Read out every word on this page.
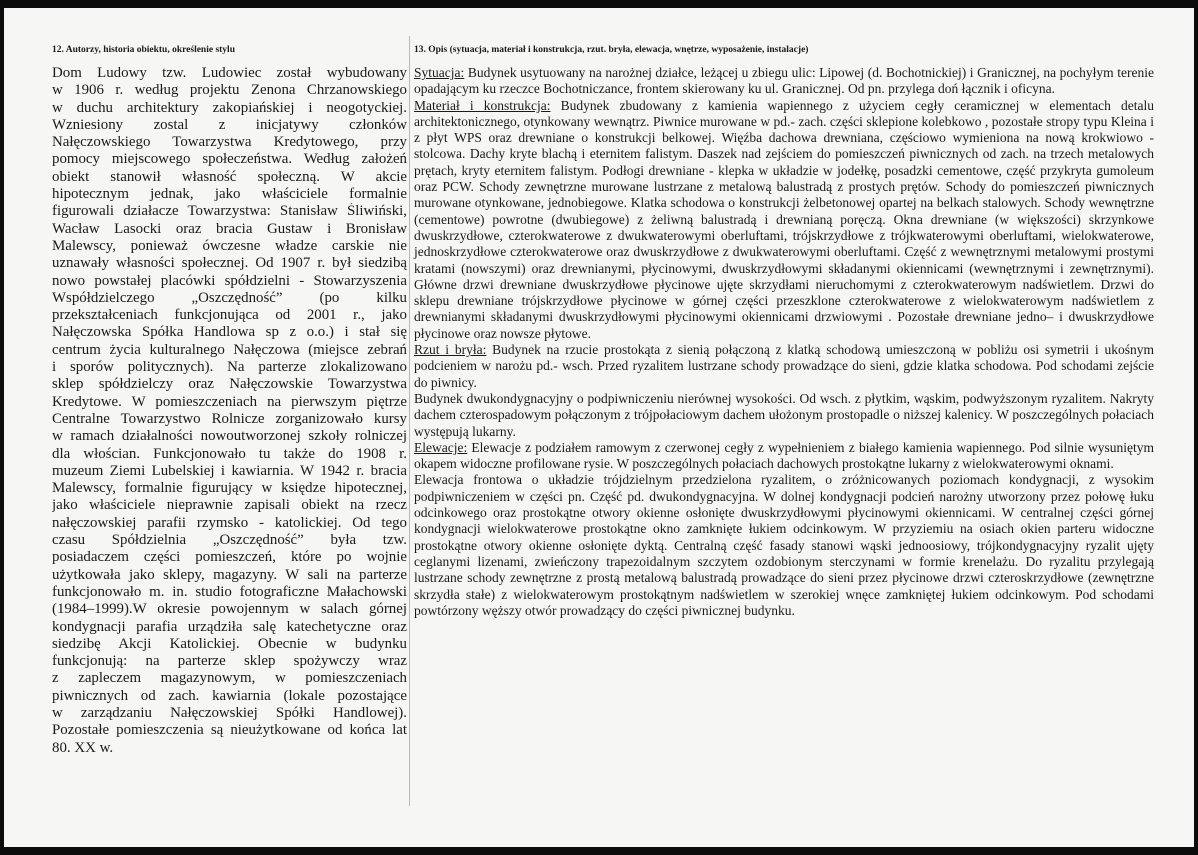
12. Autorzy, historia obiektu, określenie stylu
Dom Ludowy tzw. Ludowiec został wybudowany
w 1906 r. według projektu Zenona Chrzanowskiego
w duchu architektury zakopiańskiej i neogotyckiej.
Wzniesiony zostal z inicjatywy członków
Nałęczowskiego Towarzystwa Kredytowego, przy
pomocy miejscowego społeczeństwa. Według założeń
obiekt stanowił własność społeczną. W akcie
hipotecznym jednak, jako właściciele formalnie
figurowali działacze Towarzystwa: Stanisław Śliwiński,
Wacław Lasocki oraz bracia Gustaw i Bronisław
Malewscy, ponieważ ówczesne władze carskie nie
uznawały własności społecznej. Od 1907 r. był siedzibą
nowo powstałej placówki spółdzielni - Stowarzyszenia
Współdzielczego „Oszczędność” (po kilku
przekształceniach funkcjonująca od 2001 r., jako
Nałęczowska Spółka Handlowa sp z o.o.) i stał się
centrum życia kulturalnego Nałęczowa (miejsce zebrań
i sporów politycznych). Na parterze zlokalizowano
sklep spółdzielczy oraz Nałęczowskie Towarzystwa
Kredytowe. W pomieszczeniach na pierwszym piętrze
Centralne Towarzystwo Rolnicze zorganizowało kursy
w ramach działalności nowoutworzonej szkoły rolniczej
dla włościan. Funkcjonowało tu także do 1908 r.
muzeum Ziemi Lubelskiej i kawiarnia. W 1942 r. bracia
Malewscy, formalnie figurujący w księdze hipotecznej,
jako właściciele nieprawnie zapisali obiekt na rzecz
nałęczowskiej parafii rzymsko - katolickiej. Od tego
czasu Spółdzielnia „Oszczędność” była tzw.
posiadaczem części pomieszczeń, które po wojnie
użytkowała jako sklepy, magazyny. W sali na parterze
funkcjonowało m. in. studio fotograficzne Małachowski
(1984–1999).W okresie powojennym w salach górnej
kondygnacji parafia urządziła salę katechetyczne oraz
siedzibę Akcji Katolickiej. Obecnie w budynku
funkcjonują: na parterze sklep spożywczy wraz
z zapleczem magazynowym, w pomieszczeniach
piwnicznych od zach. kawiarnia (lokale pozostające
w zarządzaniu Nałęczowskiej Spółki Handlowej).
Pozostałe pomieszczenia są nieużytkowane od końca lat
80. XX w.
13. Opis (sytuacja, materiał i konstrukcja, rzut. bryła, elewacja, wnętrze, wyposażenie, instalacje)

Sytuacja: Budynek usytuowany na narożnej działce, leżącej u zbiegu ulic: Lipowej (d. Bochotnickiej) i Granicznej, na pochyłym terenie opadającym ku rzeczce Bochotniczance, frontem skierowany ku ul. Granicznej. Od pn. przylega doń łącznik i oficyna.

Materiał i konstrukcja: Budynek zbudowany z kamienia wapiennego z użyciem cegły ceramicznej w elementach detalu architektonicznego, otynkowany wewnątrz. Piwnice murowane w pd.- zach. części sklepione kolebkowo , pozostałe stropy typu Kleina i z płyt WPS oraz drewniane o konstrukcji belkowej. Więźba dachowa drewniana, częściowo wymieniona na nową krokwiowo - stolcowa. Dachy kryte blachą i eternitem falistym. Daszek nad zejściem do pomieszczeń piwnicznych od zach. na trzech metalowych prętach, kryty eternitem falistym. Podłogi drewniane - klepka w układzie w jodełkę, posadzki cementowe, część przykryta gumoleum oraz PCW. Schody zewnętrzne murowane lustrzane z metalową balustradą z prostych prętów. Schody do pomieszczeń piwnicznych murowane otynkowane, jednobiegowe. Klatka schodowa o konstrukcji żelbetonowej opartej na belkach stalowych. Schody wewnętrzne (cementowe) powrotne (dwubiegowe) z żeliwną balustradą i drewnianą poręczą. Okna drewniane (w większości) skrzynkowe dwuskrzydłowe, czterokwaterowe z dwukwaterowymi oberluftami, trójskrzydłowe z trójkwaterowymi oberluftami, wielokwaterowe, jednoskrzydłowe czterokwaterowe oraz dwuskrzydłowe z dwukwaterowymi oberluftami. Część z wewnętrznymi metalowymi prostymi kratami (nowszymi) oraz drewnianymi, płycinowymi, dwuskrzydłowymi składanymi okiennicami (wewnętrznymi i zewnętrznymi). Główne drzwi drewniane dwuskrzydłowe płycinowe ujęte skrzydłami nieruchomymi z czterokwaterowym nadświetlem. Drzwi do sklepu drewniane trójskrzydłowe płycinowe w górnej części przeszklone czterokwaterowe z wielokwaterowym nadświetlem z drewnianymi składanymi dwuskrzydłowymi płycinowymi okiennicami drzwiowymi . Pozostałe drewniane jedno– i dwuskrzydłowe płycinowe oraz nowsze płytowe.

Rzut i bryła: Budynek na rzucie prostokąta z sienią połączoną z klatką schodową umieszczoną w pobliżu osi symetrii i ukośnym podcieniem w narożu pd.- wsch. Przed ryzalitem lustrzane schody prowadzące do sieni, gdzie klatka schodowa. Pod schodami zejście do piwnicy.

Budynek dwukondygnacyjny o podpiwniczeniu nierównej wysokości. Od wsch. z płytkim, wąskim, podwyższonym ryzalitem. Nakryty dachem czterospadowym połączonym z trójpołaciowym dachem ułożonym prostopadle o niższej kalenicy. W poszczególnych połaciach występują lukarny.

Elewacje: Elewacje z podziałem ramowym z czerwonej cegły z wypełnieniem z białego kamienia wapiennego. Pod silnie wysuniętym okapem widoczne profilowane rysie. W poszczególnych połaciach dachowych prostokątne lukarny z wielokwaterowymi oknami.

Elewacja frontowa o układzie trójdzielnym przedzielona ryzalitem, o zróżnicowanych poziomach kondygnacji, z wysokim podpiwniczeniem w części pn. Część pd. dwukondygnacyjna. W dolnej kondygnacji podcień narożny utworzony przez połowę łuku odcinkowego oraz prostokątne otwory okienne osłonięte dwuskrzydłowymi płycinowymi okiennicami. W centralnej części górnej kondygnacji wielokwaterowe prostokątne okno zamknięte łukiem odcinkowym. W przyziemiu na osiach okien parteru widoczne prostokątne otwory okienne osłonięte dyktą. Centralną część fasady stanowi wąski jednoosiowy, trójkondygnacyjny ryzalit ujęty ceglanymi lizenami, zwieńczony trapezoidalnym szczytem ozdobionym sterczynami w formie krenelażu. Do ryzalitu przylegają lustrzane schody zewnętrzne z prostą metalową balustradą prowadzące do sieni przez płycinowe drzwi czteroskrzydłowe (zewnętrzne skrzydła stałe) z wielokwaterowym prostokątnym nadświetlem w szerokiej wnęce zamkniętej łukiem odcinkowym. Pod schodami powtórzony węższy otwór prowadzący do części piwnicznej budynku.
